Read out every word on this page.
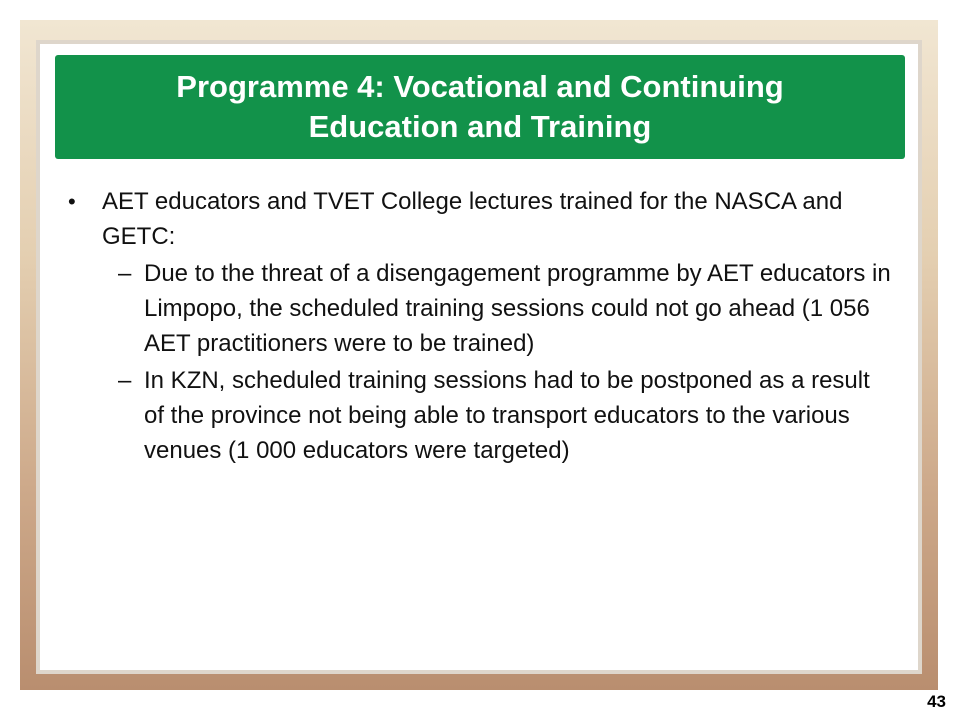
Programme 4: Vocational and Continuing Education and Training
• AET educators and TVET College lectures trained for the NASCA and GETC:
– Due to the threat of a disengagement programme by AET educators in Limpopo, the scheduled training sessions could not go ahead (1 056 AET practitioners were to be trained)
– In KZN, scheduled training sessions had to be postponed as a result of the province not being able to transport educators to the various venues (1 000 educators were targeted)
43
